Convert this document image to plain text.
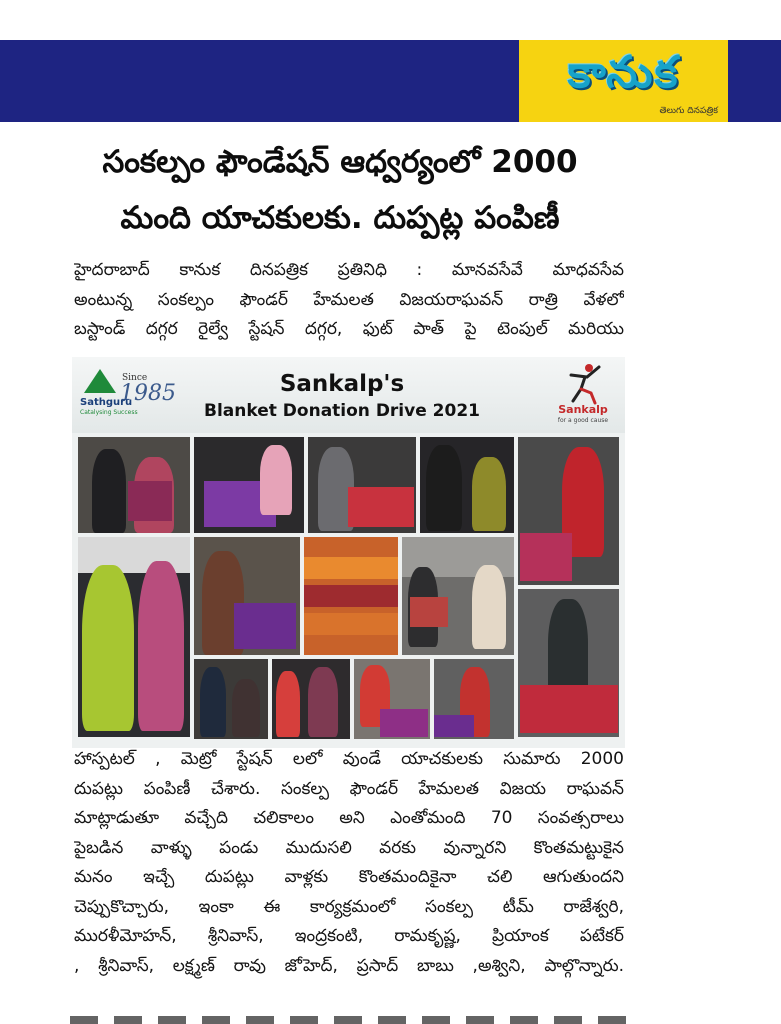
కానుక
తెలుగు దినపత్రిక
సంకల్పం ఫౌండేషన్ ఆధ్వర్యంలో 2000
మంది యాచకులకు. దుప్పట్ల పంపిణీ
హైదరాబాద్ కానుక దినపత్రిక ప్రతినిధి : మానవసేవే మాధవసేవ
అంటున్న సంకల్పం ఫౌండర్ హేమలత విజయరాఘవన్ రాత్రి వేళలో
బస్టాండ్ దగ్గర రైల్వే స్టేషన్ దగ్గర, ఫుట్ పాత్ పై టెంపుల్ మరియు
Since
1985
Sathguru
Catalysing Success
Sankalp's
Blanket Donation Drive 2021	Sankalp
for a good cause
హాస్పటల్ , మెట్రో స్టేషన్ లలో వుండే యాచకులకు సుమారు 2000
దుపట్లు పంపిణీ చేశారు. సంకల్ప ఫౌండర్ హేమలత విజయ రాఘవన్
మాట్లాడుతూ వచ్చేది చలికాలం అని ఎంతోమంది 70 సంవత్సరాలు
పైబడిన వాళ్ళు పండు ముదుసలి వరకు వున్నారని కొంతమట్టుకైన
మనం ఇచ్చే దుపట్లు వాళ్లకు కొంతమందికైనా చలి ఆగుతుందని
చెప్పుకొచ్చారు, ఇంకా ఈ కార్యక్రమంలో సంకల్ప టీమ్ రాజేశ్వరి,
మురళీమోహన్, శ్రీనివాస్, ఇంద్రకంటి, రామకృష్ణ, ప్రియాంక పటేకర్
, శ్రీనివాస్, లక్ష్మణ్ రావు జోహెద్, ప్రసాద్ బాబు ,అశ్విని, పాల్గొన్నారు.
